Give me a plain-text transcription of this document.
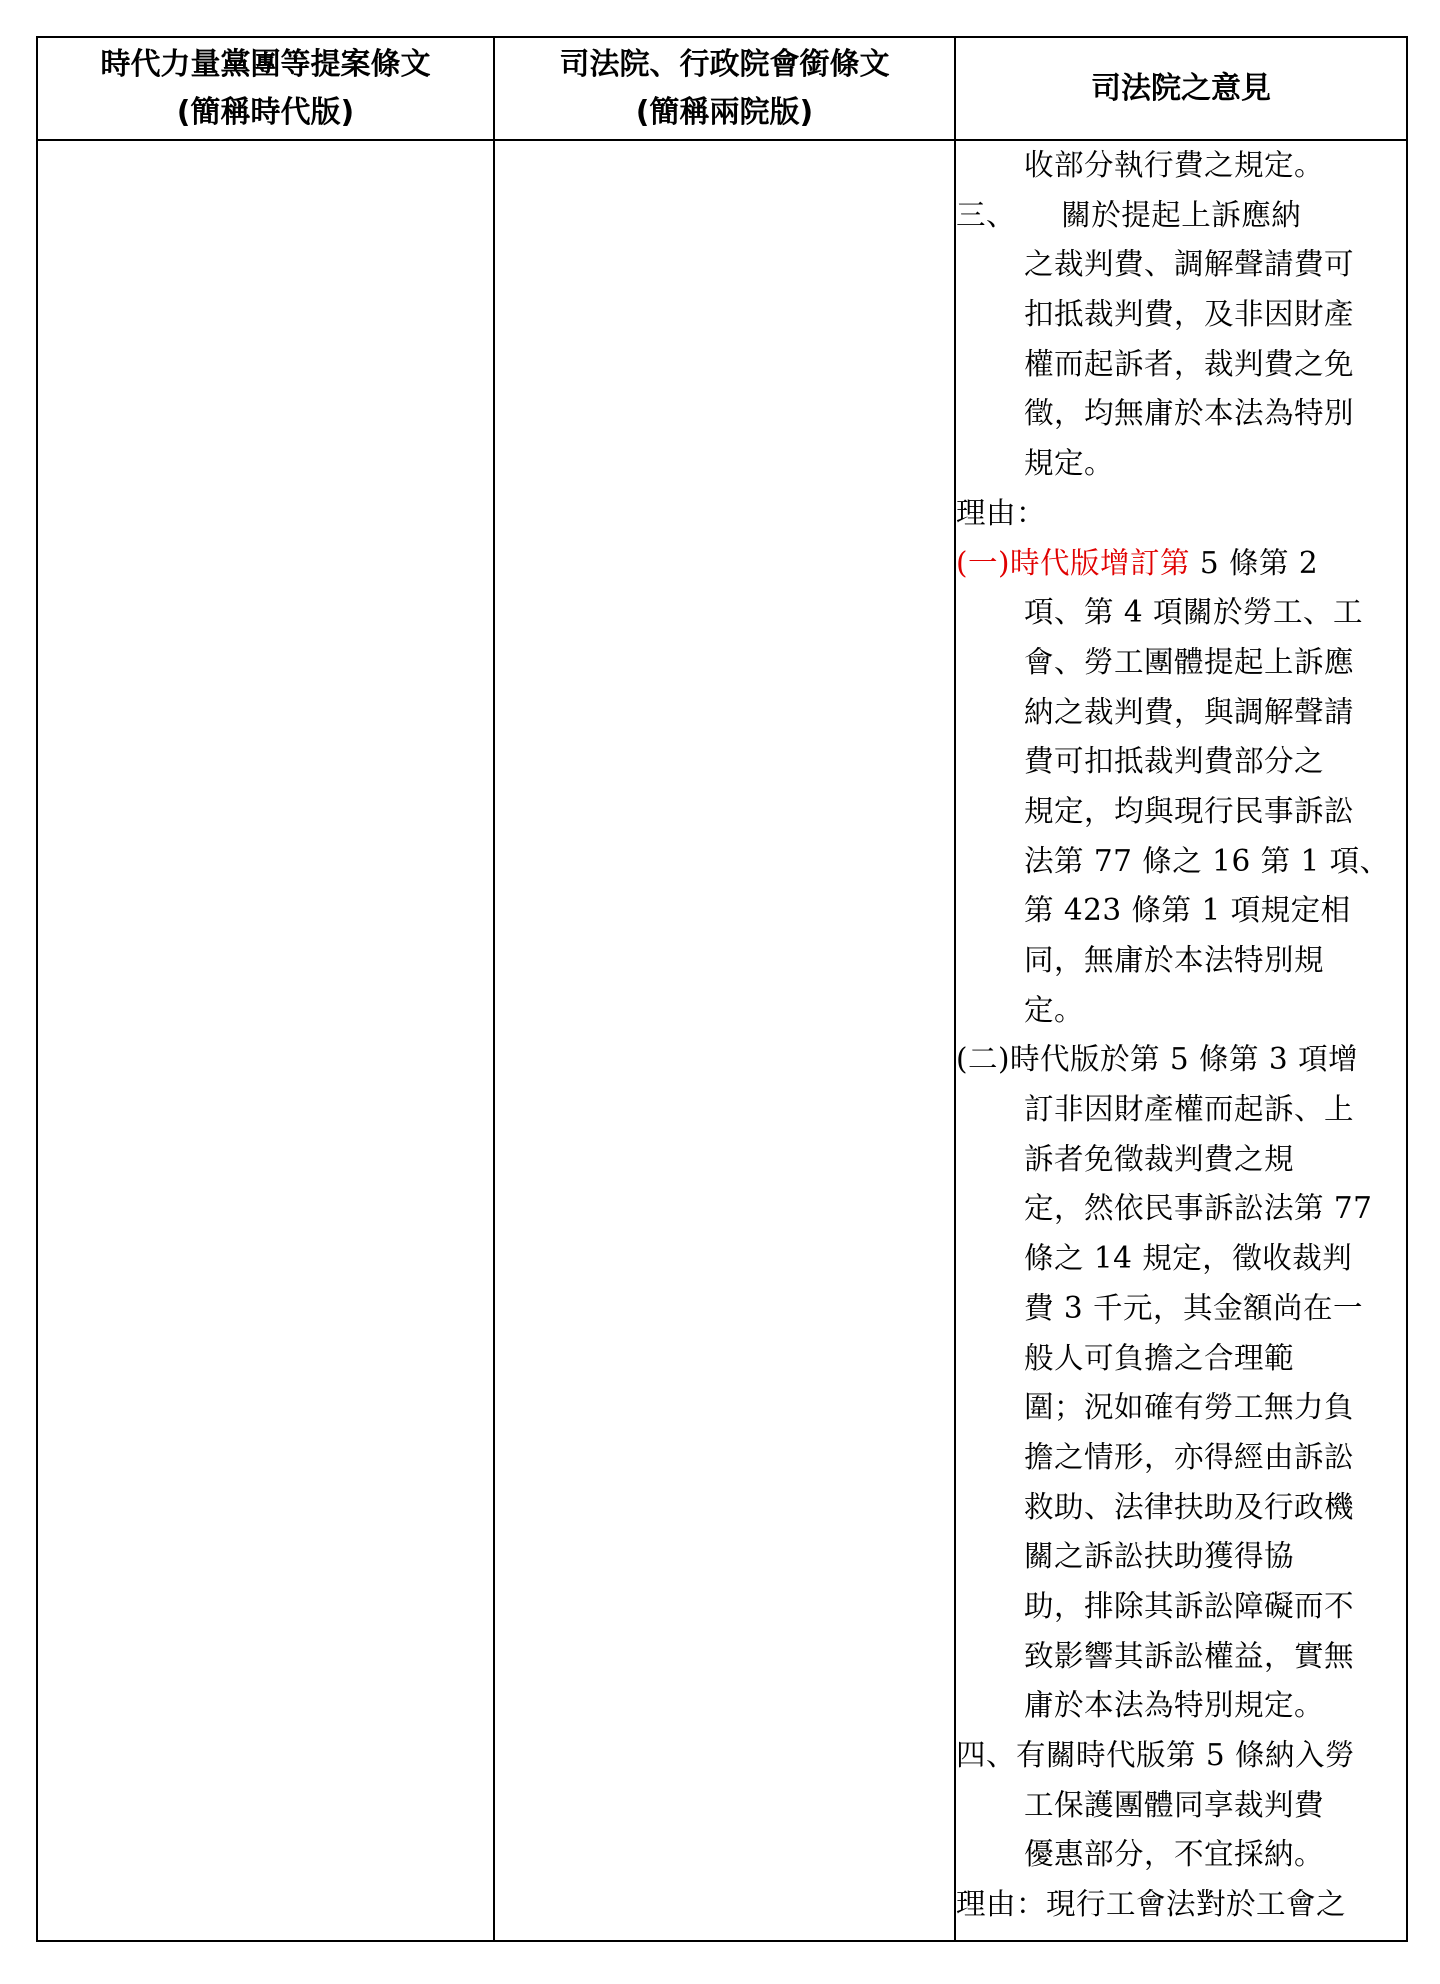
時代力量黨團等提案條文
(簡稱時代版)
司法院、行政院會銜條文
(簡稱兩院版)
司法院之意見
收部分執行費之規定。
三、　　關於提起上訴應納
之裁判費、調解聲請費可
扣抵裁判費，及非因財產
權而起訴者，裁判費之免
徵，均無庸於本法為特別
規定。
理由：
(一)時代版增訂第 5 條第 2
項、第 4 項關於勞工、工
會、勞工團體提起上訴應
納之裁判費，與調解聲請
費可扣抵裁判費部分之
規定，均與現行民事訴訟
法第 77 條之 16 第 1 項、
第 423 條第 1 項規定相
同，無庸於本法特別規
定。
(二)時代版於第 5 條第 3 項增
訂非因財產權而起訴、上
訴者免徵裁判費之規
定，然依民事訴訟法第 77
條之 14 規定，徵收裁判
費 3 千元，其金額尚在一
般人可負擔之合理範
圍；況如確有勞工無力負
擔之情形，亦得經由訴訟
救助、法律扶助及行政機
關之訴訟扶助獲得協
助，排除其訴訟障礙而不
致影響其訴訟權益，實無
庸於本法為特別規定。
四、有關時代版第 5 條納入勞
工保護團體同享裁判費
優惠部分，不宜採納。
理由：現行工會法對於工會之
